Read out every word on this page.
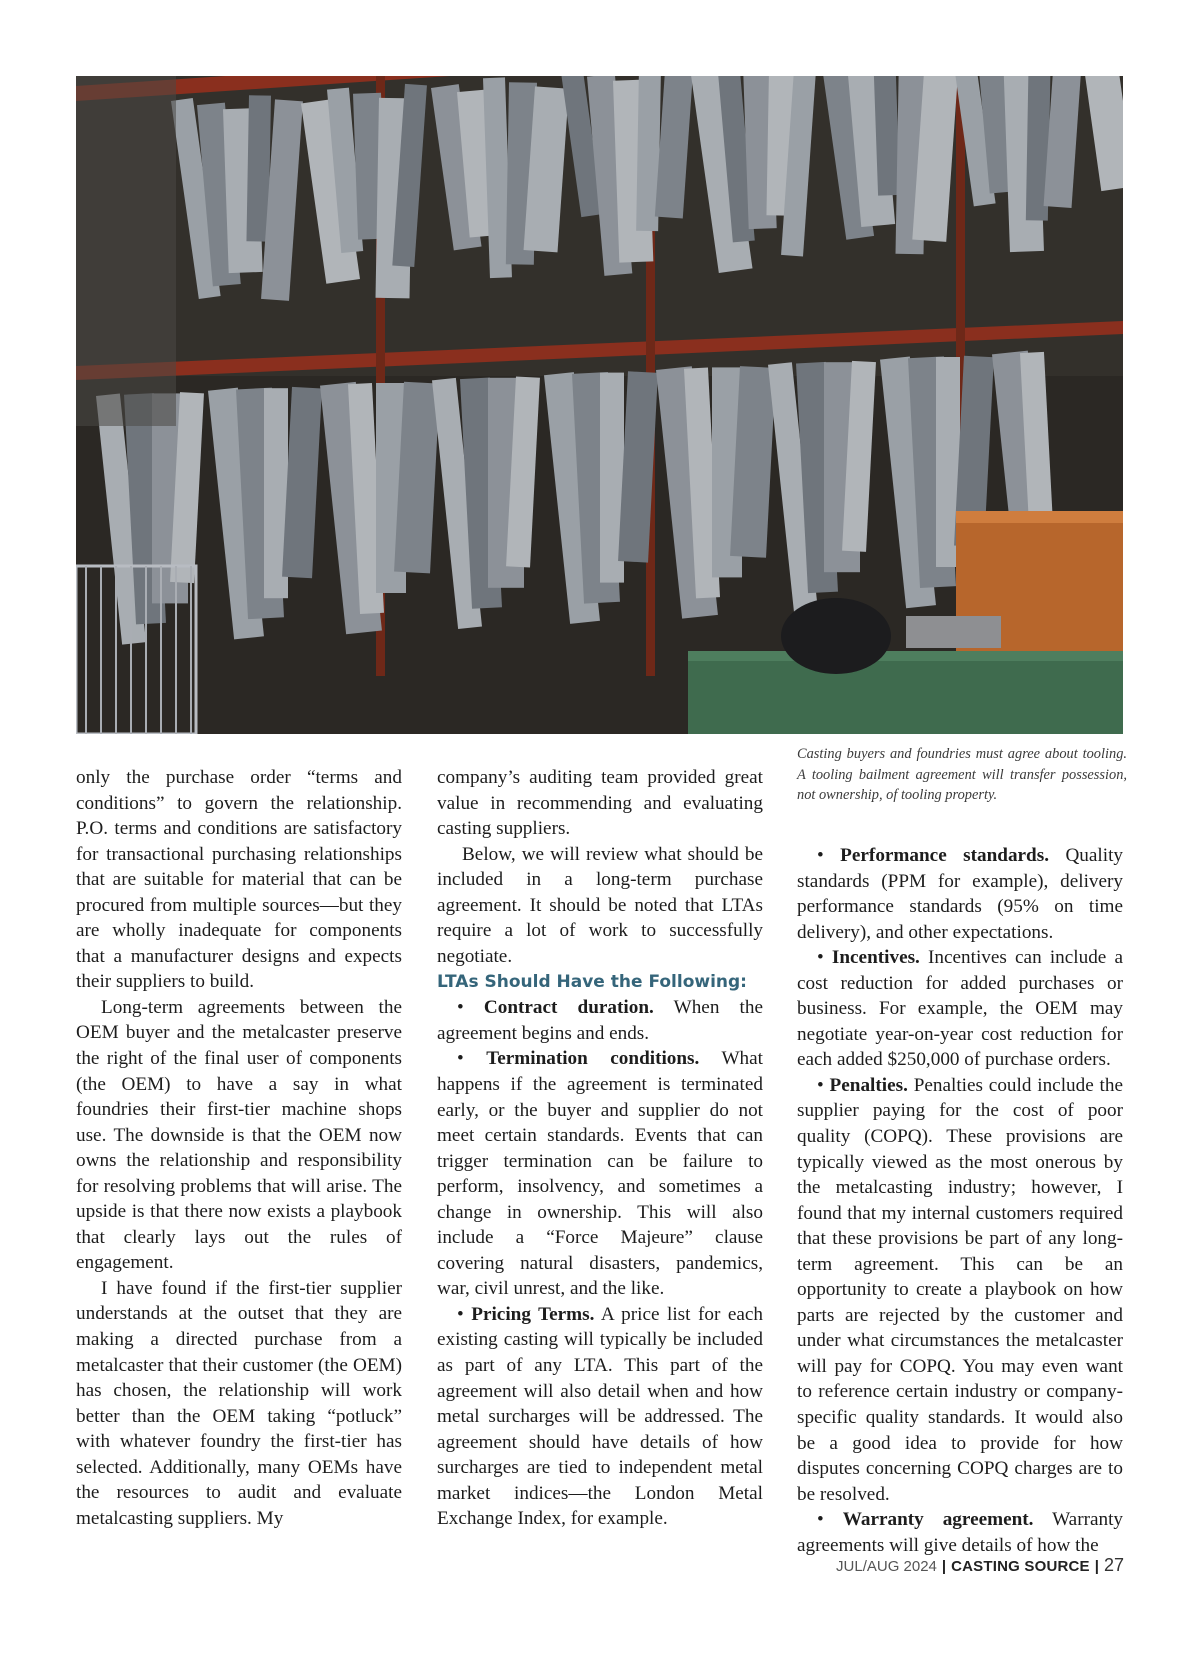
Casting buyers and foundries must agree about tooling. A tooling bailment agreement will transfer possession, not ownership, of tooling property.

only the purchase order “terms and conditions” to govern the relationship. P.O. terms and conditions are satisfactory for transactional purchasing relationships that are suitable for material that can be procured from multiple sources—but they are wholly inadequate for components that a manufacturer designs and expects their suppliers to build.

Long-term agreements between the OEM buyer and the metalcaster preserve the right of the final user of components (the OEM) to have a say in what foundries their first-tier machine shops use. The downside is that the OEM now owns the relationship and responsibility for resolving problems that will arise. The upside is that there now exists a playbook that clearly lays out the rules of engagement.

I have found if the first-tier supplier understands at the outset that they are making a directed purchase from a metalcaster that their customer (the OEM) has chosen, the relationship will work better than the OEM taking “potluck” with whatever foundry the first-tier has selected. Additionally, many OEMs have the resources to audit and evaluate metalcasting suppliers. My

company’s auditing team provided great value in recommending and evaluating casting suppliers.

Below, we will review what should be included in a long-term purchase agreement. It should be noted that LTAs require a lot of work to successfully negotiate.

LTAs Should Have the Following:

• Contract duration. When the agreement begins and ends.

• Termination conditions. What happens if the agreement is terminated early, or the buyer and supplier do not meet certain standards. Events that can trigger termination can be failure to perform, insolvency, and sometimes a change in ownership. This will also include a “Force Majeure” clause covering natural disasters, pandemics, war, civil unrest, and the like.

• Pricing Terms. A price list for each existing casting will typically be included as part of any LTA. This part of the agreement will also detail when and how metal surcharges will be addressed. The agreement should have details of how surcharges are tied to independent metal market indices—the London Metal Exchange Index, for example.

• Performance standards. Quality standards (PPM for example), delivery performance standards (95% on time delivery), and other expectations.

• Incentives. Incentives can include a cost reduction for added purchases or business. For example, the OEM may negotiate year-on-year cost reduction for each added $250,000 of purchase orders.

• Penalties. Penalties could include the supplier paying for the cost of poor quality (COPQ). These provisions are typically viewed as the most onerous by the metalcasting industry; however, I found that my internal customers required that these provisions be part of any long-term agreement. This can be an opportunity to create a playbook on how parts are rejected by the customer and under what circumstances the metalcaster will pay for COPQ. You may even want to reference certain industry or company-specific quality standards. It would also be a good idea to provide for how disputes concerning COPQ charges are to be resolved.

• Warranty agreement. Warranty agreements will give details of how the

JUL/AUG 2024 | CASTING SOURCE | 27
